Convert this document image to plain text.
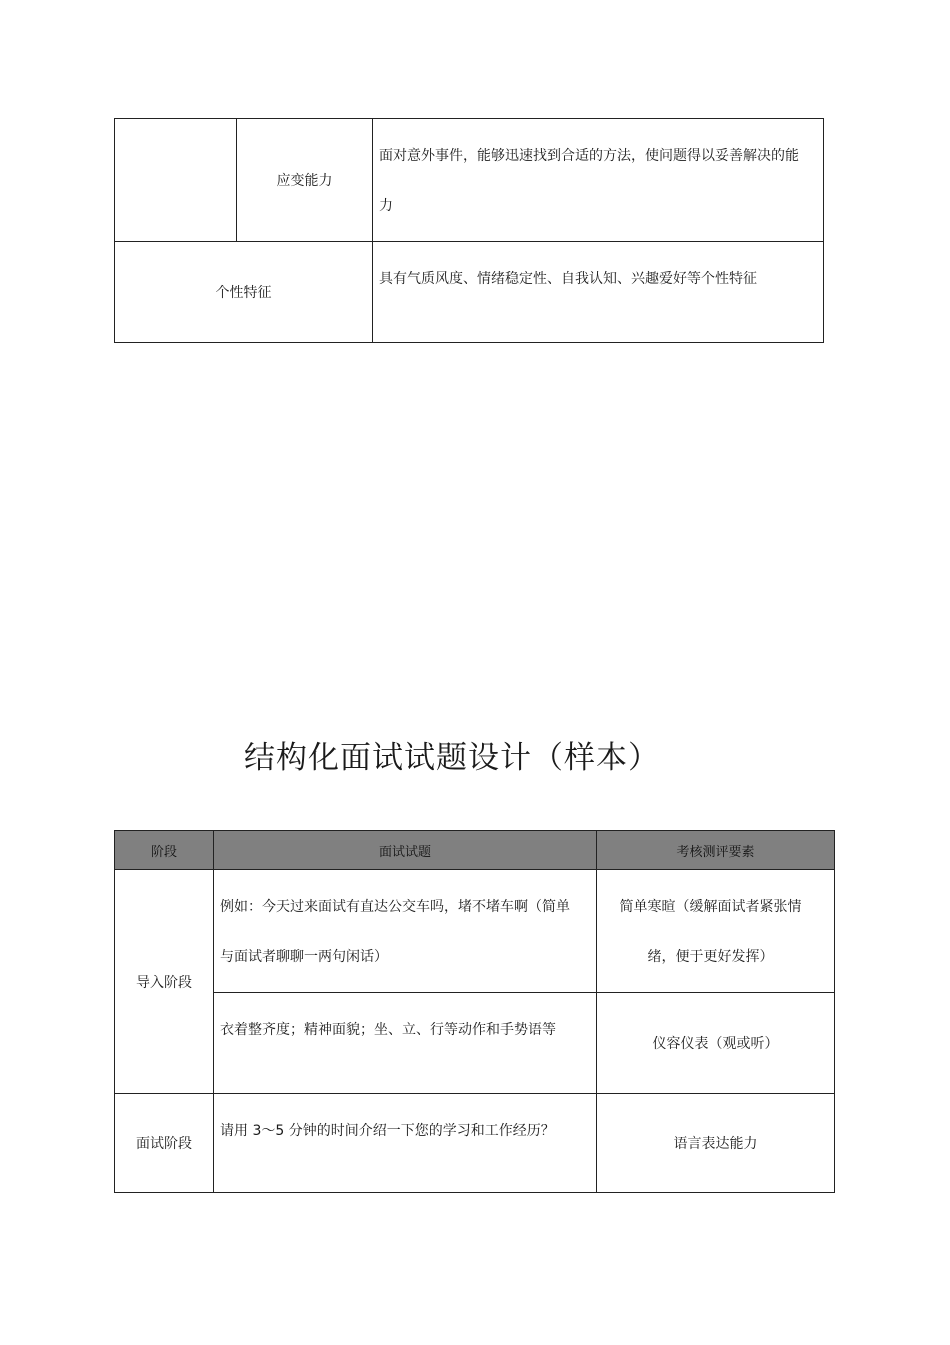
	应变能力	面对意外事件，能够迅速找到合适的方法，使问题得以妥善解决的能力
个性特征		具有气质风度、情绪稳定性、自我认知、兴趣爱好等个性特征
结构化面试试题设计（样本）
阶段	面试试题	考核测评要素
导入阶段	例如：今天过来面试有直达公交车吗，堵不堵车啊（简单与面试者聊聊一两句闲话）	简单寒暄（缓解面试者紧张情绪，便于更好发挥）
	衣着整齐度；精神面貌；坐、立、行等动作和手势语等	仪容仪表（观或听）
面试阶段	请用 3～5 分钟的时间介绍一下您的学习和工作经历？	语言表达能力
